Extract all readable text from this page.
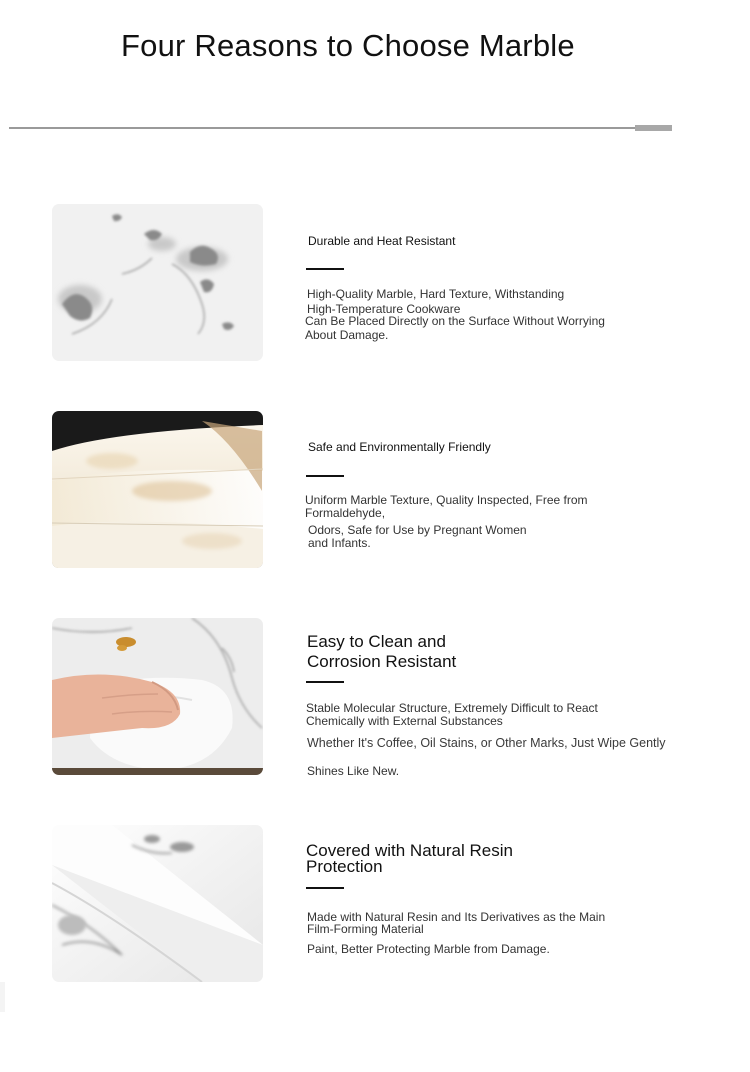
Four Reasons to Choose Marble
Durable and Heat Resistant
High-Quality Marble, Hard Texture, Withstanding
High-Temperature Cookware
Can Be Placed Directly on the Surface Without Worrying
About Damage.
Safe and Environmentally Friendly
Uniform Marble Texture, Quality Inspected, Free from
Formaldehyde,
Odors, Safe for Use by Pregnant Women
and Infants.
Easy to Clean and
Corrosion Resistant
Stable Molecular Structure, Extremely Difficult to React
Chemically with External Substances
Whether It's Coffee, Oil Stains, or Other Marks, Just Wipe Gently
Shines Like New.
Covered with Natural Resin
Protection
Made with Natural Resin and Its Derivatives as the Main
Film-Forming Material
Paint, Better Protecting Marble from Damage.
